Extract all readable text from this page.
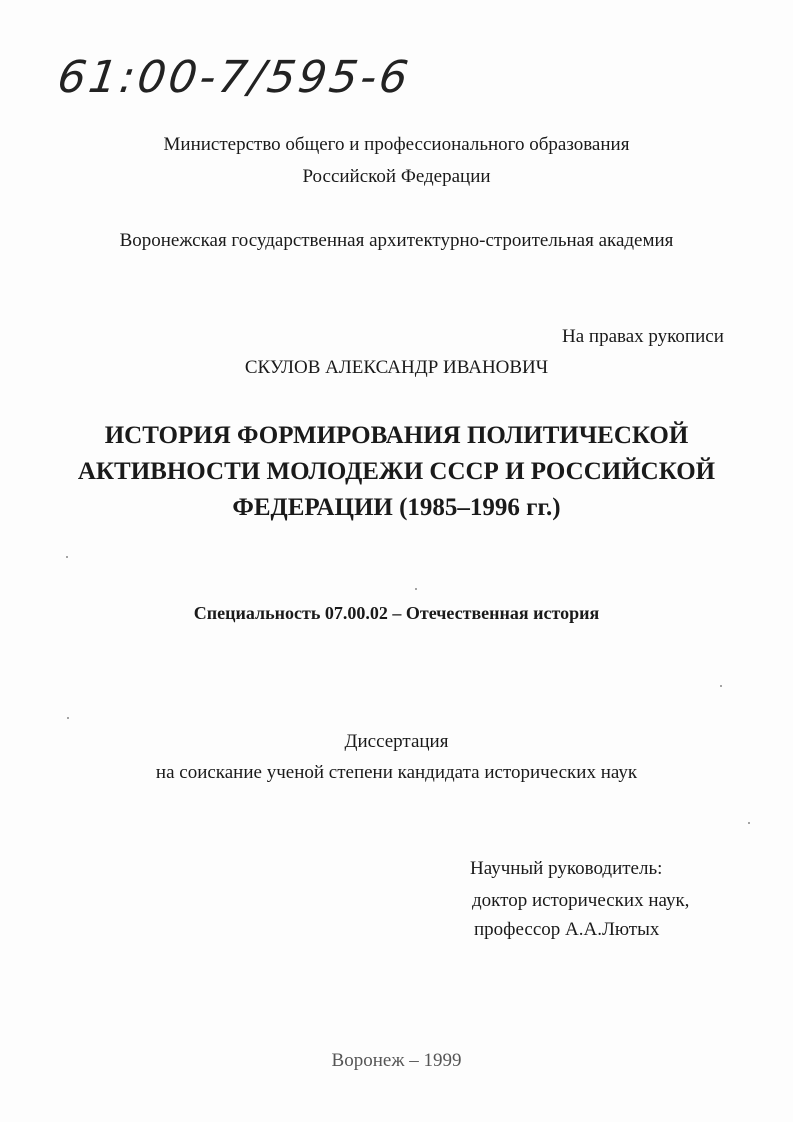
61:00-7/595-6
Министерство общего и профессионального образования
Российской Федерации
Воронежская государственная архитектурно-строительная академия
На правах рукописи
СКУЛОВ АЛЕКСАНДР ИВАНОВИЧ
ИСТОРИЯ ФОРМИРОВАНИЯ ПОЛИТИЧЕСКОЙ
АКТИВНОСТИ МОЛОДЕЖИ СССР И РОССИЙСКОЙ
ФЕДЕРАЦИИ (1985–1996 гг.)
Специальность 07.00.02 – Отечественная история
Диссертация
на соискание ученой степени кандидата исторических наук
Научный руководитель:
доктор исторических наук,
профессор А.А.Лютых
Воронеж – 1999
